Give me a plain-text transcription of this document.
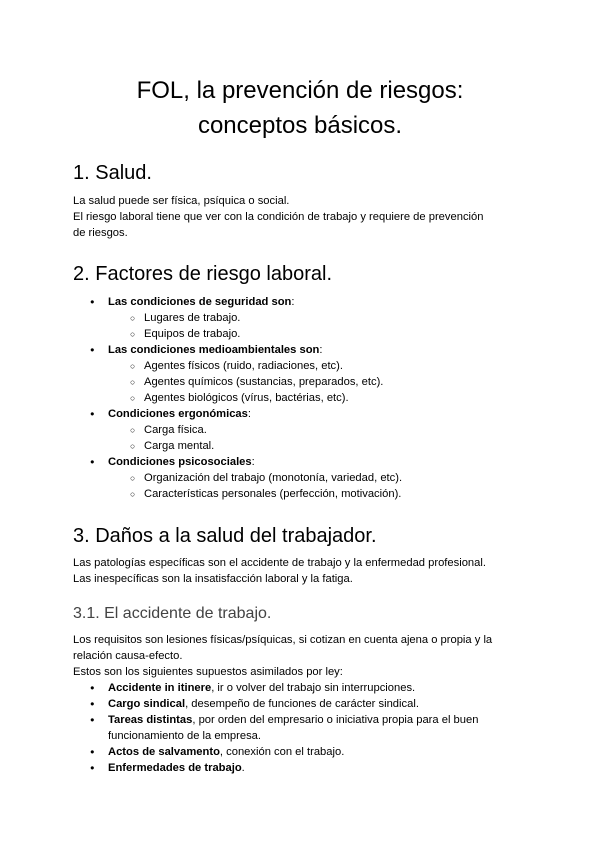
FOL, la prevención de riesgos:
conceptos básicos.
1. Salud.
La salud puede ser física, psíquica o social.
El riesgo laboral tiene que ver con la condición de trabajo y requiere de prevención
de riesgos.
2. Factores de riesgo laboral.
● Las condiciones de seguridad son:
○ Lugares de trabajo.
○ Equipos de trabajo.
● Las condiciones medioambientales son:
○ Agentes físicos (ruido, radiaciones, etc).
○ Agentes químicos (sustancias, preparados, etc).
○ Agentes biológicos (vírus, bactérias, etc).
● Condiciones ergonómicas:
○ Carga física.
○ Carga mental.
● Condiciones psicosociales:
○ Organización del trabajo (monotonía, variedad, etc).
○ Características personales (perfección, motivación).
3. Daños a la salud del trabajador.
Las patologías específicas son el accidente de trabajo y la enfermedad profesional.
Las inespecíficas son la insatisfacción laboral y la fatiga.
3.1. El accidente de trabajo.
Los requisitos son lesiones físicas/psíquicas, si cotizan en cuenta ajena o propia y la
relación causa-efecto.
Estos son los siguientes supuestos asimilados por ley:
● Accidente in itinere, ir o volver del trabajo sin interrupciones.
● Cargo sindical, desempeño de funciones de carácter sindical.
● Tareas distintas, por orden del empresario o iniciativa propia para el buen
funcionamiento de la empresa.
● Actos de salvamento, conexión con el trabajo.
● Enfermedades de trabajo.
